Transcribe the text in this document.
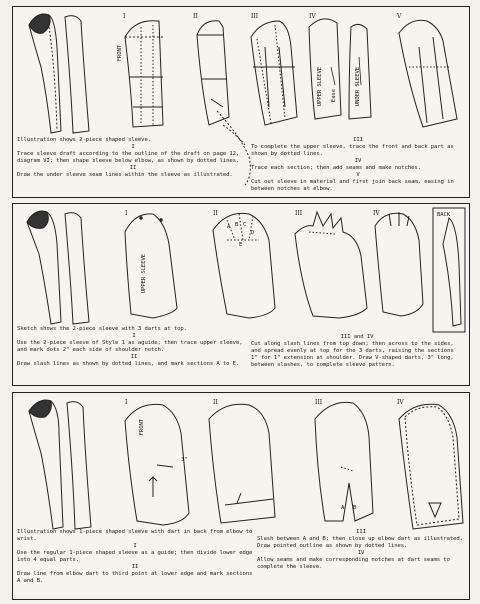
I	II	III	IV	V
FRONT
UPPER SLEEVE Ease	UNDER SLEEVE
Illustration shows 2-piece shaped sleeve.

I
Trace sleeve draft according to the outline of the draft on page 12, diagram VI; then shape sleeve below elbow, as shown by dotted lines.

II
Draw the under sleeve seam lines within the sleeve as illustrated.
III
To complete the upper sleeve, trace the front and back part as shown by dotted lines.

IV
Trace each section; then add seams and make notches.

V
Cut out sleeve in material and first join back seam, easing in between notches at elbow.
I	II	III	IV
UPPER SLEEVE
BACK
A B C
D
E
Sketch shows the 2-piece sleeve with 3 darts at top.

I
Use the 2-piece sleeve of Style 1 as aguide; then trace upper sleeve, and mark dots 2" each side of shoulder notch.

II
Draw slash lines as shown by dotted lines, and mark sections A to E.
III and IV
Cut along slash lines from top down; then across to the sides, and spread evenly at top for the 3 darts, raising the sections 1" for 1" extension at shoulder. Draw V-shaped darts, 3" long, between slashes, to complete sleeve pattern.
I	II	III	IV
FRONT
3"
A B
Illustration shows 1-piece shaped sleeve with dart in back from elbow to wrist.

I
Use the regular 1-piece shaped sleeve as a guide; then divide lower edge into 4 equal parts.

II
Draw line from elbow dart to third point at lower edge and mark sections A and B.
III
Slash between A and B; then close up elbow dart as illustrated.
Draw pointed outline as shown by dotted lines.

IV
Allow seams and make corresponding notches at dart seams to complete the sleeve.
